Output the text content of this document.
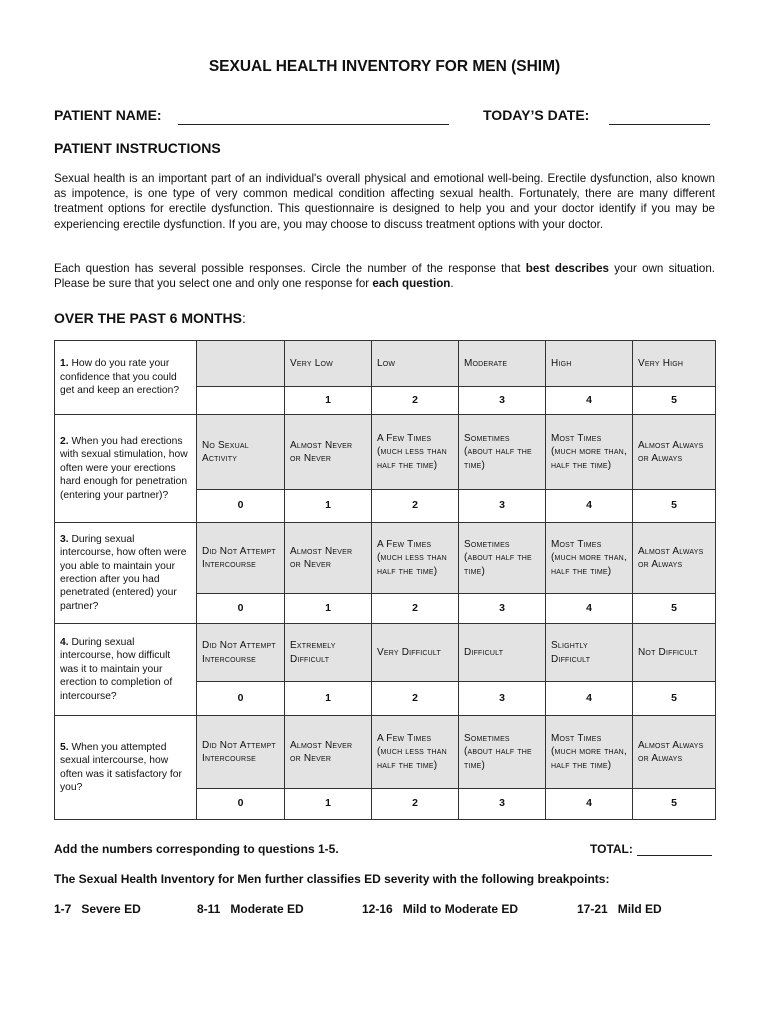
SEXUAL HEALTH INVENTORY FOR MEN (SHIM)
PATIENT NAME:	TODAY’S DATE:
PATIENT INSTRUCTIONS
Sexual health is an important part of an individual's overall physical and emotional well-being. Erectile dysfunction, also known as impotence, is one type of very common medical condition affecting sexual health. Fortunately, there are many different treatment options for erectile dysfunction. This questionnaire is designed to help you and your doctor identify if you may be experiencing erectile dysfunction. If you are, you may choose to discuss treatment options with your doctor.
Each question has several possible responses. Circle the number of the response that best describes your own situation. Please be sure that you select one and only one response for each question.
OVER THE PAST 6 MONTHS:
1. How do you rate your confidence that you could get and keep an erection?		Very Low	Low	Moderate	High	Very High
		1	2	3	4	5
2. When you had erections with sexual stimulation, how often were your erections hard enough for penetration (entering your partner)?	No Sexual Activity	Almost Never or Never	A Few Times (much less than half the time)	Sometimes (about half the time)	Most Times (much more than, half the time)	Almost Always or Always
	0	1	2	3	4	5
3. During sexual intercourse, how often were you able to maintain your erection after you had penetrated (entered) your partner?	Did Not Attempt Intercourse	Almost Never or Never	A Few Times (much less than half the time)	Sometimes (about half the time)	Most Times (much more than, half the time)	Almost Always or Always
	0	1	2	3	4	5
4. During sexual intercourse, how difficult was it to maintain your erection to completion of intercourse?	Did Not Attempt Intercourse	Extremely Difficult	Very Difficult	Difficult	Slightly Difficult	Not Difficult
	0	1	2	3	4	5
5. When you attempted sexual intercourse, how often was it satisfactory for you?	Did Not Attempt Intercourse	Almost Never or Never	A Few Times (much less than half the time)	Sometimes (about half the time)	Most Times (much more than, half the time)	Almost Always or Always
	0	1	2	3	4	5
Add the numbers corresponding to questions 1-5.	TOTAL:
The Sexual Health Inventory for Men further classifies ED severity with the following breakpoints:
1-7 Severe ED	8-11 Moderate ED	12-16 Mild to Moderate ED	17-21 Mild ED
